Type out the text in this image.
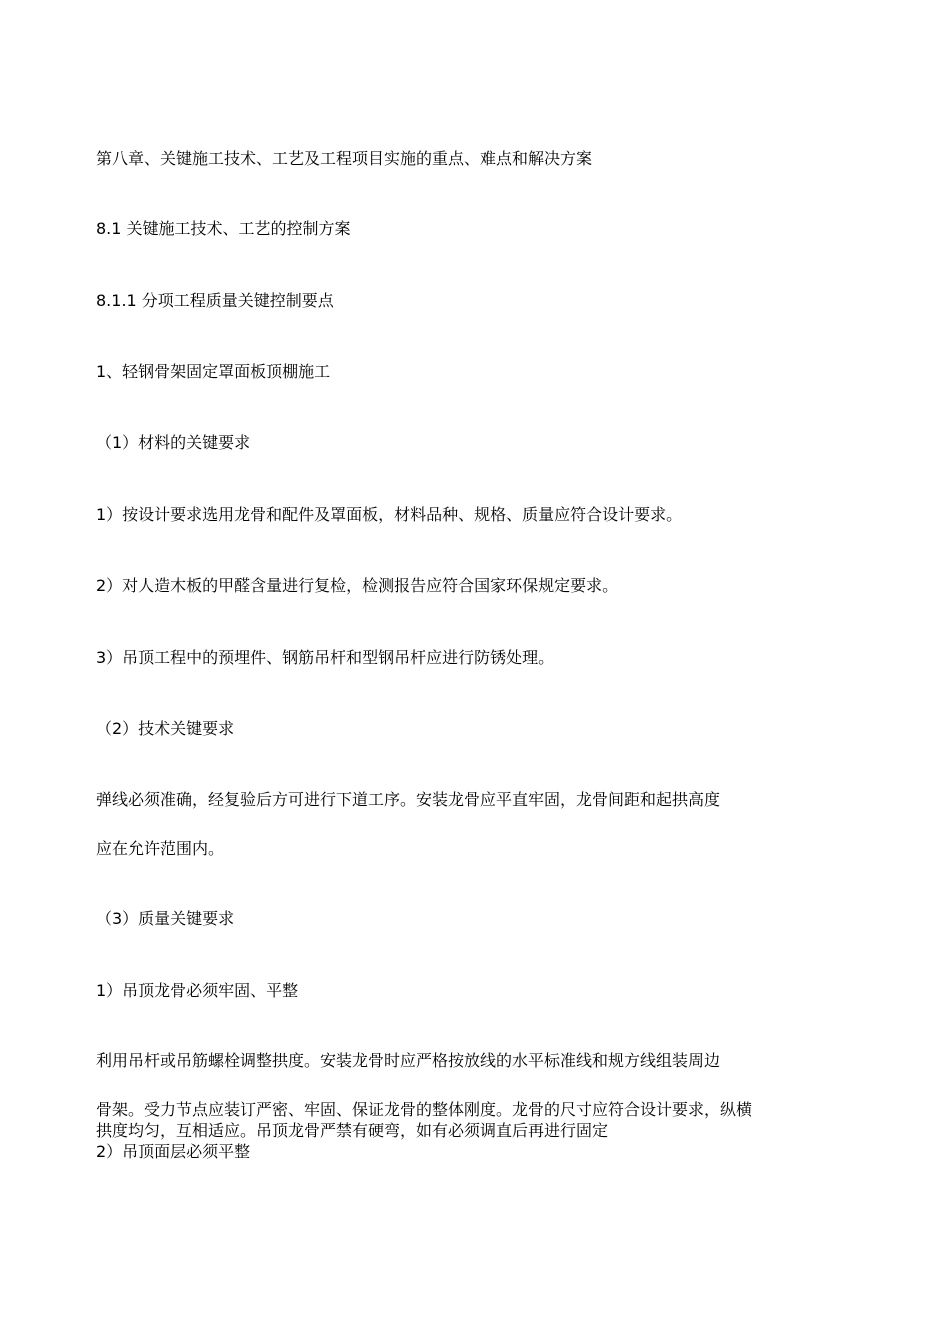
第八章、关键施工技术、工艺及工程项目实施的重点、难点和解决方案
8.1 关键施工技术、工艺的控制方案
8.1.1 分项工程质量关键控制要点
1、轻钢骨架固定罩面板顶棚施工
（1）材料的关键要求
1）按设计要求选用龙骨和配件及罩面板，材料品种、规格、质量应符合设计要求。
2）对人造木板的甲醛含量进行复检，检测报告应符合国家环保规定要求。
3）吊顶工程中的预埋件、钢筋吊杆和型钢吊杆应进行防锈处理。
（2）技术关键要求
弹线必须准确，经复验后方可进行下道工序。安装龙骨应平直牢固，龙骨间距和起拱高度
应在允许范围内。
（3）质量关键要求
1）吊顶龙骨必须牢固、平整
利用吊杆或吊筋螺栓调整拱度。安装龙骨时应严格按放线的水平标准线和规方线组装周边
骨架。受力节点应装订严密、牢固、保证龙骨的整体刚度。龙骨的尺寸应符合设计要求，纵横
拱度均匀，互相适应。吊顶龙骨严禁有硬弯，如有必须调直后再进行固定
2）吊顶面层必须平整
